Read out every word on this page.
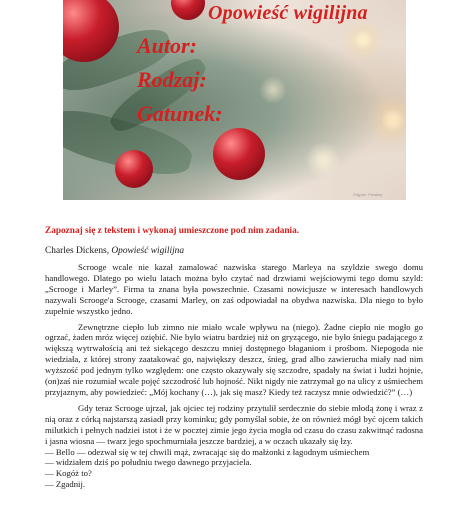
Opowieść wigilijna
Autor:
Rodzaj:
Gatunek:
Zdjęcie: Pixabay
Zapoznaj się z tekstem i wykonaj umieszczone pod nim zadania.
Charles Dickens, Opowieść wigilijna

Scrooge wcale nie kazał zamalować nazwiska starego Marleya na szyldzie swego domu handlowego. Dlatego po wielu latach można było czytać nad drzwiami wejściowymi tego domu szyld: „Scrooge i Marley”. Firma ta znana była powszechnie. Czasami nowicjusze w interesach handlowych nazywali Scrooge'a Scrooge, czasami Marley, on zaś odpowiadał na obydwa nazwiska. Dla niego to było zupełnie wszystko jedno.

Zewnętrzne ciepło lub zimno nie miało wcale wpływu na (niego). Żadne ciepło nie mogło go ogrzać, żaden mróz więcej oziębić. Nie było wiatru bardziej niż on gryzącego, nie było śniegu padającego z większą wytrwałością ani też siekącego deszczu mniej dostępnego błaganiom i prośbom. Niepogoda nie wiedziała, z której strony zaatakować go, największy deszcz, śnieg, grad albo zawierucha miały nad nim wyższość pod jednym tylko względem: one często okazywały się szczodre, spadały na świat i ludzi hojnie, (on)zaś nie rozumiał wcale pojęć szczodrość lub hojność. Nikt nigdy nie zatrzymał go na ulicy z uśmiechem przyjaznym, aby powiedzieć: „Mój kochany (…), jak się masz? Kiedy też raczysz mnie odwiedzić?” (…)

Gdy teraz Scrooge ujrzał, jak ojciec tej rodziny przytulił serdecznie do siebie młodą żonę i wraz z nią oraz z córką najstarszą zasiadł przy kominku; gdy pomyślał sobie, że on również mógł być ojcem takich milutkich i pełnych nadziei istot i że w pocztej zimie jego życia mogła od czasu do czasu zakwitnąć radosna i jasna wiosna — twarz jego spochmurniała jeszcze bardziej, a w oczach ukazały się łzy.

— Bello — odezwał się w tej chwili mąż, zwracając się do małżonki z łagodnym uśmiechem

— widziałem dziś po południu twego dawnego przyjaciela.

— Kogóż to?

— Zgadnij.
